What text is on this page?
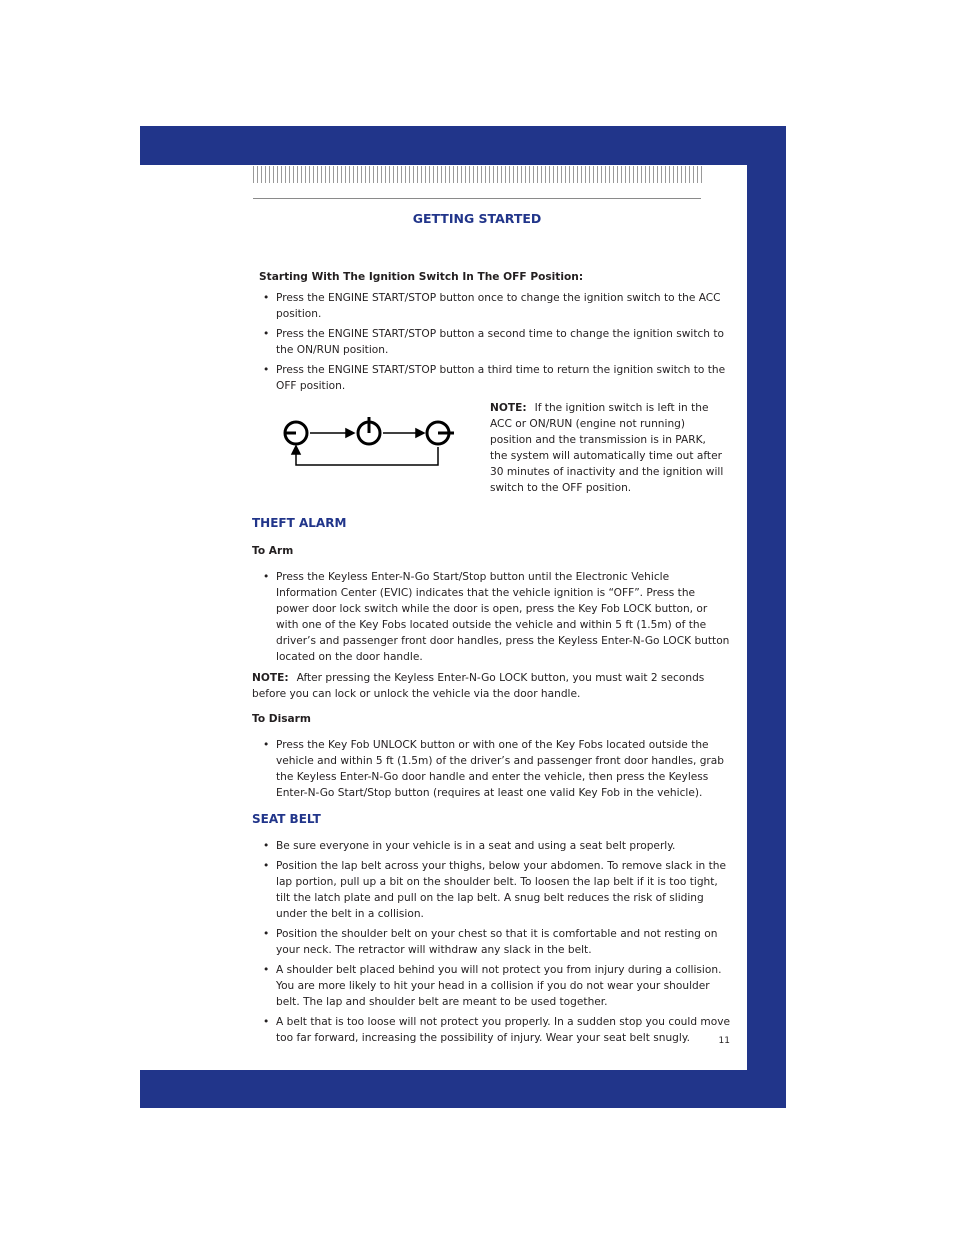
GETTING STARTED

Starting With The Ignition Switch In The OFF Position:

• Press the ENGINE START/STOP button once to change the ignition switch to the ACC position.
• Press the ENGINE START/STOP button a second time to change the ignition switch to the ON/RUN position.
• Press the ENGINE START/STOP button a third time to return the ignition switch to the OFF position.
NOTE: If the ignition switch is left in the ACC or ON/RUN (engine not running) position and the transmission is in PARK, the system will automatically time out after 30 minutes of inactivity and the ignition will switch to the OFF position.

THEFT ALARM

To Arm

• Press the Keyless Enter-N-Go Start/Stop button until the Electronic Vehicle Information Center (EVIC) indicates that the vehicle ignition is “OFF”. Press the power door lock switch while the door is open, press the Key Fob LOCK button, or with one of the Key Fobs located outside the vehicle and within 5 ft (1.5m) of the driver’s and passenger front door handles, press the Keyless Enter-N-Go LOCK button located on the door handle.

NOTE: After pressing the Keyless Enter-N-Go LOCK button, you must wait 2 seconds before you can lock or unlock the vehicle via the door handle.

To Disarm

• Press the Key Fob UNLOCK button or with one of the Key Fobs located outside the vehicle and within 5 ft (1.5m) of the driver’s and passenger front door handles, grab the Keyless Enter-N-Go door handle and enter the vehicle, then press the Keyless Enter-N-Go Start/Stop button (requires at least one valid Key Fob in the vehicle).

SEAT BELT

• Be sure everyone in your vehicle is in a seat and using a seat belt properly.
• Position the lap belt across your thighs, below your abdomen. To remove slack in the lap portion, pull up a bit on the shoulder belt. To loosen the lap belt if it is too tight, tilt the latch plate and pull on the lap belt. A snug belt reduces the risk of sliding under the belt in a collision.
• Position the shoulder belt on your chest so that it is comfortable and not resting on your neck. The retractor will withdraw any slack in the belt.
• A shoulder belt placed behind you will not protect you from injury during a collision. You are more likely to hit your head in a collision if you do not wear your shoulder belt. The lap and shoulder belt are meant to be used together.
• A belt that is too loose will not protect you properly. In a sudden stop you could move too far forward, increasing the possibility of injury. Wear your seat belt snugly.	11
